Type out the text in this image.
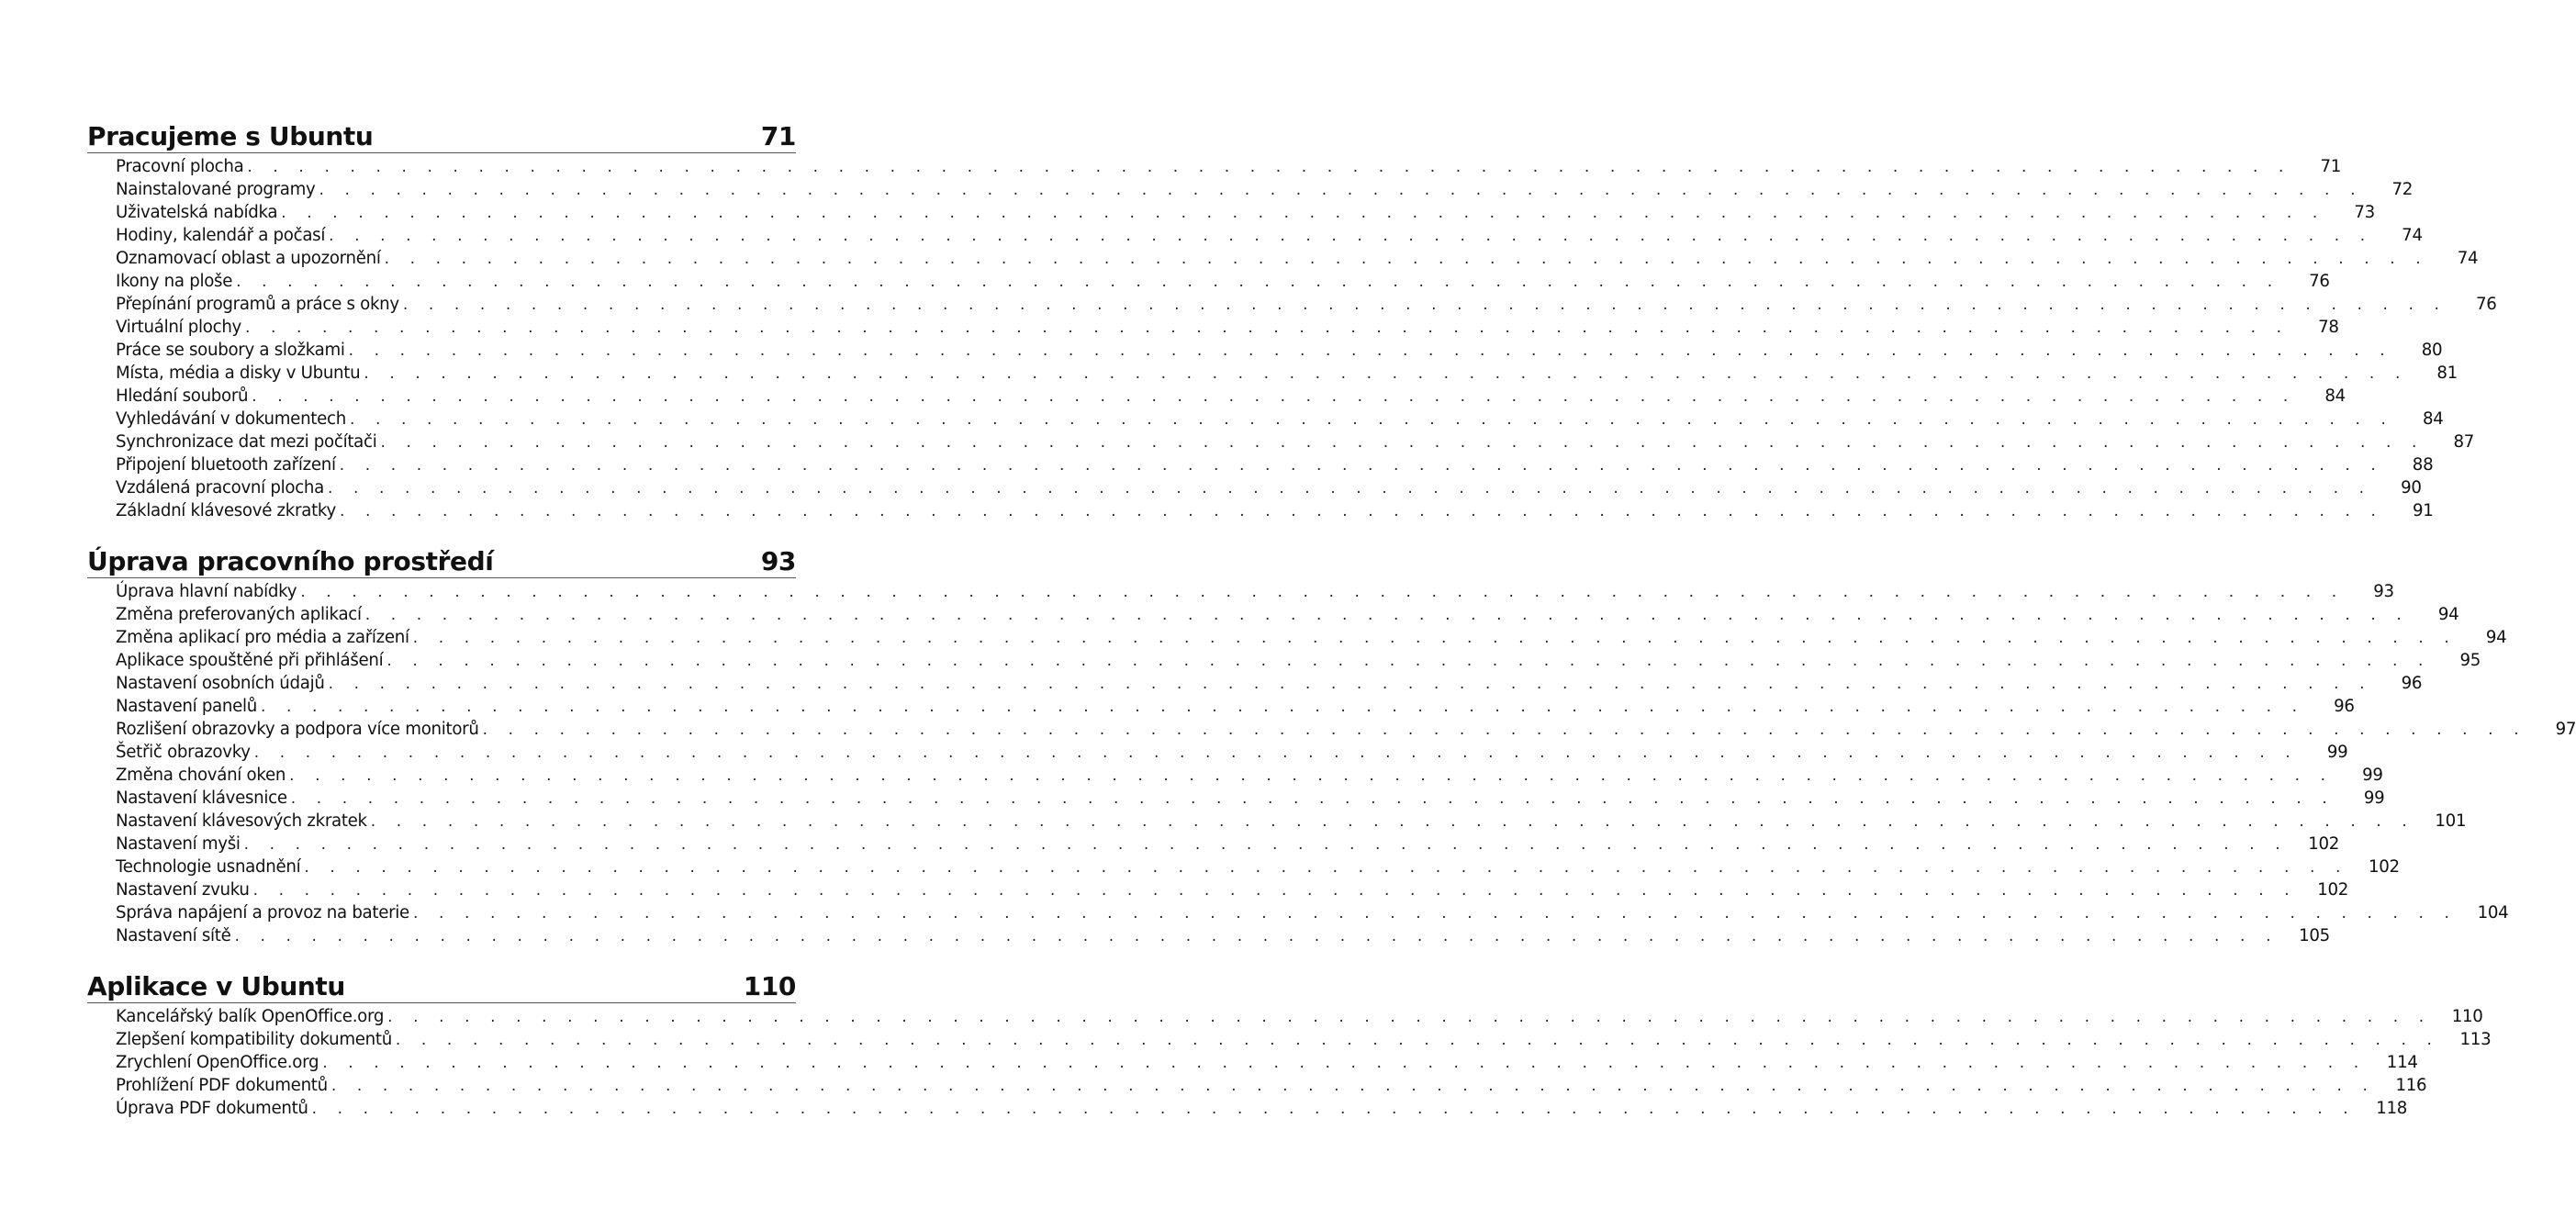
Pracujeme s Ubuntu	71
Pracovní plocha . . . . . . . . . . . . . . . . . . . . . . . . . . . . . . . . . . . . . . . . . . . . . . . . . . . . . . . . . . . . . . . . . . . . . . . . . . . . . . . .	71
Nainstalované programy . . . . . . . . . . . . . . . . . . . . . . . . . . . . . . . . . . . . . . . . . . . . . . . . . . . . . . . . . . . . . . . . . . . . . . . . . . . . . . . .	72
Uživatelská nabídka . . . . . . . . . . . . . . . . . . . . . . . . . . . . . . . . . . . . . . . . . . . . . . . . . . . . . . . . . . . . . . . . . . . . . . . . . . . . . . . .	73
Hodiny, kalendář a počasí . . . . . . . . . . . . . . . . . . . . . . . . . . . . . . . . . . . . . . . . . . . . . . . . . . . . . . . . . . . . . . . . . . . . . . . . . . . . . . . .	74
Oznamovací oblast a upozornění . . . . . . . . . . . . . . . . . . . . . . . . . . . . . . . . . . . . . . . . . . . . . . . . . . . . . . . . . . . . . . . . . . . . . . . . . . . . . . . .	74
Ikony na ploše . . . . . . . . . . . . . . . . . . . . . . . . . . . . . . . . . . . . . . . . . . . . . . . . . . . . . . . . . . . . . . . . . . . . . . . . . . . . . . . .	76
Přepínání programů a práce s okny . . . . . . . . . . . . . . . . . . . . . . . . . . . . . . . . . . . . . . . . . . . . . . . . . . . . . . . . . . . . . . . . . . . . . . . . . . . . . . . .	76
Virtuální plochy . . . . . . . . . . . . . . . . . . . . . . . . . . . . . . . . . . . . . . . . . . . . . . . . . . . . . . . . . . . . . . . . . . . . . . . . . . . . . . . .	78
Práce se soubory a složkami . . . . . . . . . . . . . . . . . . . . . . . . . . . . . . . . . . . . . . . . . . . . . . . . . . . . . . . . . . . . . . . . . . . . . . . . . . . . . . . .	80
Místa, média a disky v Ubuntu . . . . . . . . . . . . . . . . . . . . . . . . . . . . . . . . . . . . . . . . . . . . . . . . . . . . . . . . . . . . . . . . . . . . . . . . . . . . . . . .	81
Hledání souborů . . . . . . . . . . . . . . . . . . . . . . . . . . . . . . . . . . . . . . . . . . . . . . . . . . . . . . . . . . . . . . . . . . . . . . . . . . . . . . . .	84
Vyhledávání v dokumentech . . . . . . . . . . . . . . . . . . . . . . . . . . . . . . . . . . . . . . . . . . . . . . . . . . . . . . . . . . . . . . . . . . . . . . . . . . . . . . . .	84
Synchronizace dat mezi počítači . . . . . . . . . . . . . . . . . . . . . . . . . . . . . . . . . . . . . . . . . . . . . . . . . . . . . . . . . . . . . . . . . . . . . . . . . . . . . . . .	87
Připojení bluetooth zařízení . . . . . . . . . . . . . . . . . . . . . . . . . . . . . . . . . . . . . . . . . . . . . . . . . . . . . . . . . . . . . . . . . . . . . . . . . . . . . . . .	88
Vzdálená pracovní plocha . . . . . . . . . . . . . . . . . . . . . . . . . . . . . . . . . . . . . . . . . . . . . . . . . . . . . . . . . . . . . . . . . . . . . . . . . . . . . . . .	90
Základní klávesové zkratky . . . . . . . . . . . . . . . . . . . . . . . . . . . . . . . . . . . . . . . . . . . . . . . . . . . . . . . . . . . . . . . . . . . . . . . . . . . . . . . .	91
Úprava pracovního prostředí	93
Úprava hlavní nabídky . . . . . . . . . . . . . . . . . . . . . . . . . . . . . . . . . . . . . . . . . . . . . . . . . . . . . . . . . . . . . . . . . . . . . . . . . . . . . . . .	93
Změna preferovaných aplikací . . . . . . . . . . . . . . . . . . . . . . . . . . . . . . . . . . . . . . . . . . . . . . . . . . . . . . . . . . . . . . . . . . . . . . . . . . . . . . . .	94
Změna aplikací pro média a zařízení . . . . . . . . . . . . . . . . . . . . . . . . . . . . . . . . . . . . . . . . . . . . . . . . . . . . . . . . . . . . . . . . . . . . . . . . . . . . . . . .	94
Aplikace spouštěné při přihlášení . . . . . . . . . . . . . . . . . . . . . . . . . . . . . . . . . . . . . . . . . . . . . . . . . . . . . . . . . . . . . . . . . . . . . . . . . . . . . . . .	95
Nastavení osobních údajů . . . . . . . . . . . . . . . . . . . . . . . . . . . . . . . . . . . . . . . . . . . . . . . . . . . . . . . . . . . . . . . . . . . . . . . . . . . . . . . .	96
Nastavení panelů . . . . . . . . . . . . . . . . . . . . . . . . . . . . . . . . . . . . . . . . . . . . . . . . . . . . . . . . . . . . . . . . . . . . . . . . . . . . . . . .	96
Rozlišení obrazovky a podpora více monitorů . . . . . . . . . . . . . . . . . . . . . . . . . . . . . . . . . . . . . . . . . . . . . . . . . . . . . . . . . . . . . . . . . . . . . . . . . . . . . . . .	97
Šetřič obrazovky . . . . . . . . . . . . . . . . . . . . . . . . . . . . . . . . . . . . . . . . . . . . . . . . . . . . . . . . . . . . . . . . . . . . . . . . . . . . . . . .	99
Změna chování oken . . . . . . . . . . . . . . . . . . . . . . . . . . . . . . . . . . . . . . . . . . . . . . . . . . . . . . . . . . . . . . . . . . . . . . . . . . . . . . . .	99
Nastavení klávesnice . . . . . . . . . . . . . . . . . . . . . . . . . . . . . . . . . . . . . . . . . . . . . . . . . . . . . . . . . . . . . . . . . . . . . . . . . . . . . . . .	99
Nastavení klávesových zkratek . . . . . . . . . . . . . . . . . . . . . . . . . . . . . . . . . . . . . . . . . . . . . . . . . . . . . . . . . . . . . . . . . . . . . . . . . . . . . . . . 101
Nastavení myši . . . . . . . . . . . . . . . . . . . . . . . . . . . . . . . . . . . . . . . . . . . . . . . . . . . . . . . . . . . . . . . . . . . . . . . . . . . . . . . . 102
Technologie usnadnění . . . . . . . . . . . . . . . . . . . . . . . . . . . . . . . . . . . . . . . . . . . . . . . . . . . . . . . . . . . . . . . . . . . . . . . . . . . . . . . . 102
Nastavení zvuku . . . . . . . . . . . . . . . . . . . . . . . . . . . . . . . . . . . . . . . . . . . . . . . . . . . . . . . . . . . . . . . . . . . . . . . . . . . . . . . . 102
Správa napájení a provoz na baterie . . . . . . . . . . . . . . . . . . . . . . . . . . . . . . . . . . . . . . . . . . . . . . . . . . . . . . . . . . . . . . . . . . . . . . . . . . . . . . . . 104
Nastavení sítě . . . . . . . . . . . . . . . . . . . . . . . . . . . . . . . . . . . . . . . . . . . . . . . . . . . . . . . . . . . . . . . . . . . . . . . . . . . . . . . . 105
Aplikace v Ubuntu	110
Kancelářský balík OpenOffice.org . . . . . . . . . . . . . . . . . . . . . . . . . . . . . . . . . . . . . . . . . . . . . . . . . . . . . . . . . . . . . . . . . . . . . . . . . . . . . . . . 110
Zlepšení kompatibility dokumentů . . . . . . . . . . . . . . . . . . . . . . . . . . . . . . . . . . . . . . . . . . . . . . . . . . . . . . . . . . . . . . . . . . . . . . . . . . . . . . . . 113
Zrychlení OpenOffice.org . . . . . . . . . . . . . . . . . . . . . . . . . . . . . . . . . . . . . . . . . . . . . . . . . . . . . . . . . . . . . . . . . . . . . . . . . . . . . . . . 114
Prohlížení PDF dokumentů . . . . . . . . . . . . . . . . . . . . . . . . . . . . . . . . . . . . . . . . . . . . . . . . . . . . . . . . . . . . . . . . . . . . . . . . . . . . . . . . 116
Úprava PDF dokumentů . . . . . . . . . . . . . . . . . . . . . . . . . . . . . . . . . . . . . . . . . . . . . . . . . . . . . . . . . . . . . . . . . . . . . . . . . . . . . . . . 118
